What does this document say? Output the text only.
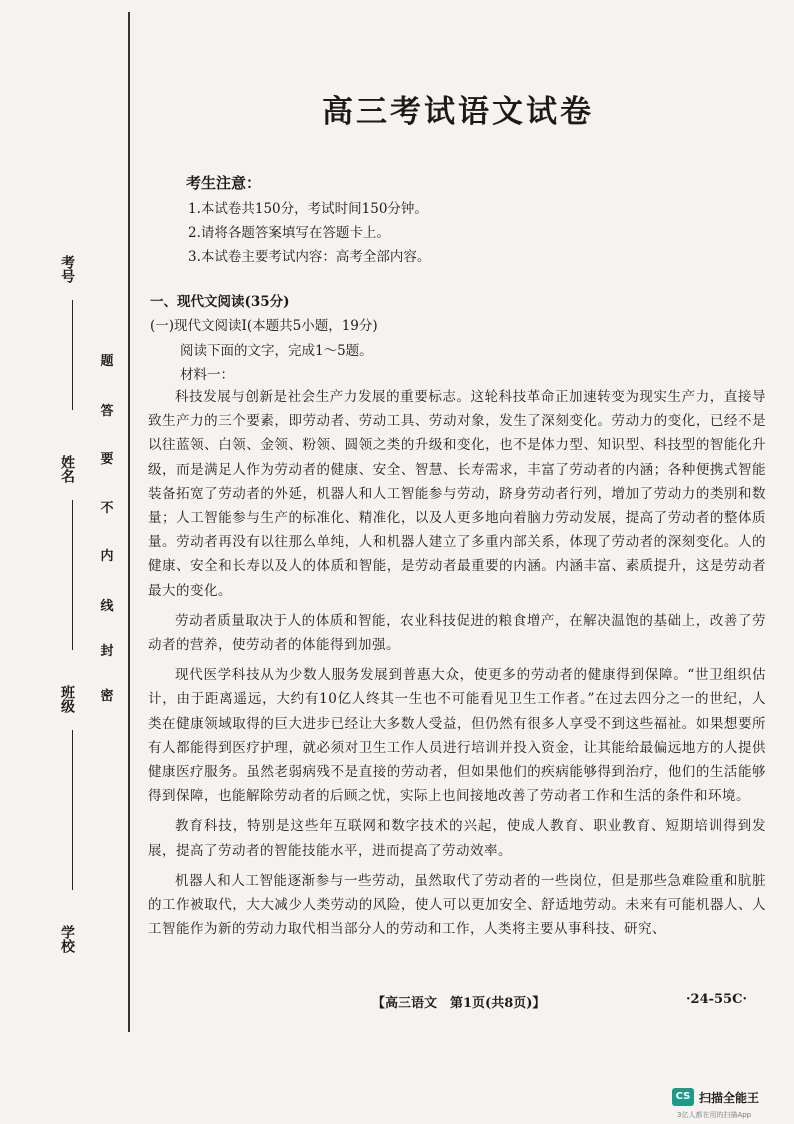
考号
姓名
班级
学校
题
答
要
不
内
线
封
密
高三考试语文试卷
考生注意：
1.本试卷共150分，考试时间150分钟。
2.请将各题答案填写在答题卡上。
3.本试卷主要考试内容：高考全部内容。
一、现代文阅读(35分)
(一)现代文阅读Ⅰ(本题共5小题，19分)
阅读下面的文字，完成1～5题。
材料一：

科技发展与创新是社会生产力发展的重要标志。这轮科技革命正加速转变为现实生产力，直接导致生产力的三个要素，即劳动者、劳动工具、劳动对象，发生了深刻变化。劳动力的变化，已经不是以往蓝领、白领、金领、粉领、圆领之类的升级和变化，也不是体力型、知识型、科技型的智能化升级，而是满足人作为劳动者的健康、安全、智慧、长寿需求，丰富了劳动者的内涵；各种便携式智能装备拓宽了劳动者的外延，机器人和人工智能参与劳动，跻身劳动者行列，增加了劳动力的类别和数量；人工智能参与生产的标准化、精准化，以及人更多地向着脑力劳动发展，提高了劳动者的整体质量。劳动者再没有以往那么单纯，人和机器人建立了多重内部关系，体现了劳动者的深刻变化。人的健康、安全和长寿以及人的体质和智能，是劳动者最重要的内涵。内涵丰富、素质提升，这是劳动者最大的变化。

劳动者质量取决于人的体质和智能，农业科技促进的粮食增产，在解决温饱的基础上，改善了劳动者的营养，使劳动者的体能得到加强。

现代医学科技从为少数人服务发展到普惠大众，使更多的劳动者的健康得到保障。“世卫组织估计，由于距离遥远，大约有10亿人终其一生也不可能看见卫生工作者。”在过去四分之一的世纪，人类在健康领域取得的巨大进步已经让大多数人受益，但仍然有很多人享受不到这些福祉。如果想要所有人都能得到医疗护理，就必须对卫生工作人员进行培训并投入资金，让其能给最偏远地方的人提供健康医疗服务。虽然老弱病残不是直接的劳动者，但如果他们的疾病能够得到治疗，他们的生活能够得到保障，也能解除劳动者的后顾之忧，实际上也间接地改善了劳动者工作和生活的条件和环境。

教育科技，特别是这些年互联网和数字技术的兴起，使成人教育、职业教育、短期培训得到发展，提高了劳动者的智能技能水平，进而提高了劳动效率。

机器人和人工智能逐渐参与一些劳动，虽然取代了劳动者的一些岗位，但是那些急难险重和肮脏的工作被取代，大大减少人类劳动的风险，使人可以更加安全、舒适地劳动。未来有可能机器人、人工智能作为新的劳动力取代相当部分人的劳动和工作，人类将主要从事科技、研究、

【高三语文　第1页(共8页)】	·24-55C·
CS 扫描全能王
3亿人都在用的扫描App
